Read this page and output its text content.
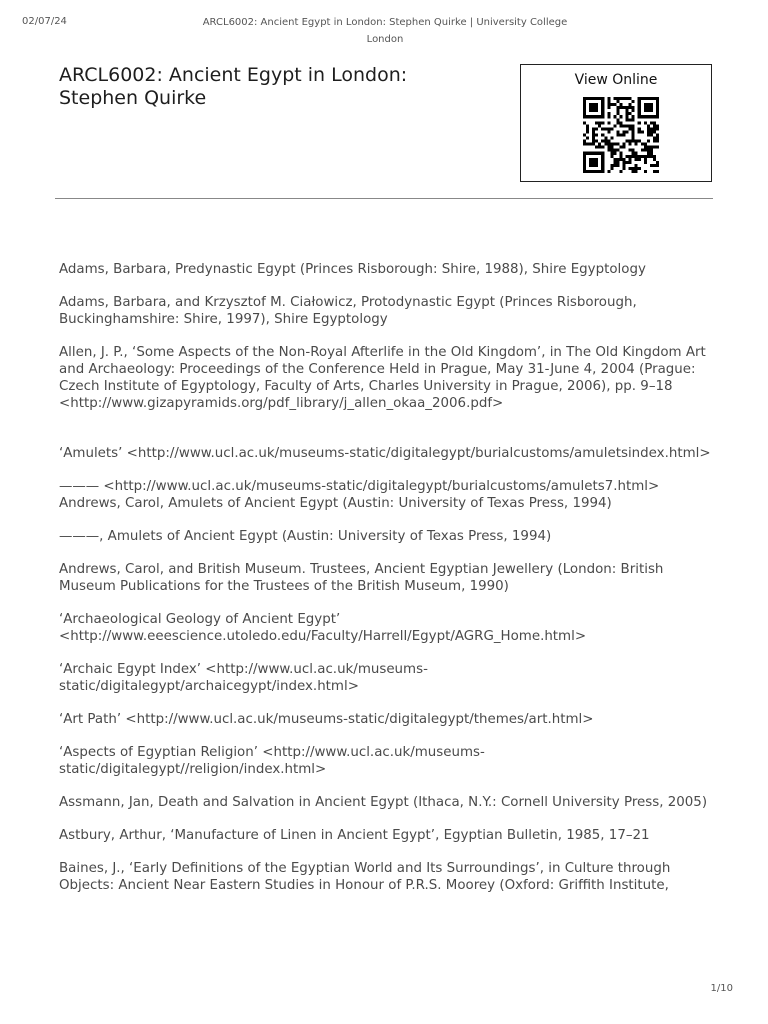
02/07/24	ARCL6002: Ancient Egypt in London: Stephen Quirke | University College London
ARCL6002: Ancient Egypt in London: Stephen Quirke
View Online

Adams, Barbara, Predynastic Egypt (Princes Risborough: Shire, 1988), Shire Egyptology

Adams, Barbara, and Krzysztof M. Ciałowicz, Protodynastic Egypt (Princes Risborough, Buckinghamshire: Shire, 1997), Shire Egyptology

Allen, J. P., ‘Some Aspects of the Non-Royal Afterlife in the Old Kingdom’, in The Old Kingdom Art and Archaeology: Proceedings of the Conference Held in Prague, May 31-June 4, 2004 (Prague: Czech Institute of Egyptology, Faculty of Arts, Charles University in Prague, 2006), pp. 9–18 <http://www.gizapyramids.org/pdf_library/j_allen_okaa_2006.pdf>

‘Amulets’ <http://www.ucl.ac.uk/museums-static/digitalegypt/burialcustoms/amuletsindex.html>

——— <http://www.ucl.ac.uk/museums-static/digitalegypt/burialcustoms/amulets7.html>

Andrews, Carol, Amulets of Ancient Egypt (Austin: University of Texas Press, 1994)

———, Amulets of Ancient Egypt (Austin: University of Texas Press, 1994)

Andrews, Carol, and British Museum. Trustees, Ancient Egyptian Jewellery (London: British Museum Publications for the Trustees of the British Museum, 1990)

‘Archaeological Geology of Ancient Egypt’ <http://www.eeescience.utoledo.edu/Faculty/Harrell/Egypt/AGRG_Home.html>

‘Archaic Egypt Index’ <http://www.ucl.ac.uk/museums-static/digitalegypt/archaicegypt/index.html>

‘Art Path’ <http://www.ucl.ac.uk/museums-static/digitalegypt/themes/art.html>

‘Aspects of Egyptian Religion’ <http://www.ucl.ac.uk/museums-static/digitalegypt//religion/index.html>

Assmann, Jan, Death and Salvation in Ancient Egypt (Ithaca, N.Y.: Cornell University Press, 2005)

Astbury, Arthur, ‘Manufacture of Linen in Ancient Egypt’, Egyptian Bulletin, 1985, 17–21

Baines, J., ‘Early Definitions of the Egyptian World and Its Surroundings’, in Culture through Objects: Ancient Near Eastern Studies in Honour of P.R.S. Moorey (Oxford: Griffith Institute,

1/10
